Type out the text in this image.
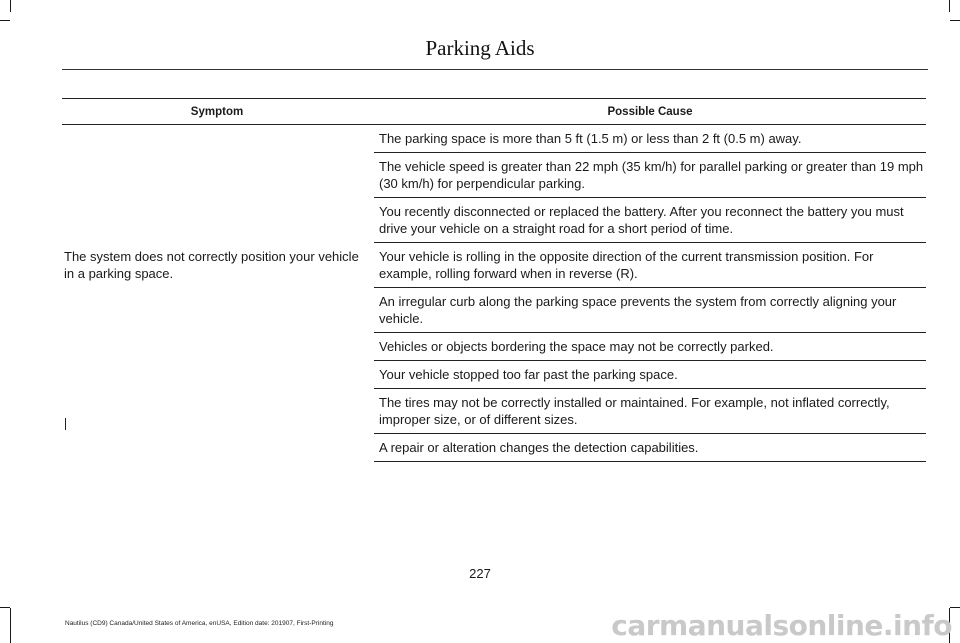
Parking Aids
Symptom	Possible Cause
The parking space is more than 5 ft (1.5 m) or less than 2 ft (0.5 m) away.
The vehicle speed is greater than 22 mph (35 km/h) for parallel parking or greater than 19 mph (30 km/h) for perpendicular parking.
You recently disconnected or replaced the battery. After you reconnect the battery you must drive your vehicle on a straight road for a short period of time.
The system does not correctly position your vehicle in a parking space.
Your vehicle is rolling in the opposite direction of the current transmission position. For example, rolling forward when in reverse (R).
An irregular curb along the parking space prevents the system from correctly aligning your vehicle.
Vehicles or objects bordering the space may not be correctly parked.
Your vehicle stopped too far past the parking space.
The tires may not be correctly installed or maintained. For example, not inflated correctly, improper size, or of different sizes.
A repair or alteration changes the detection capabilities.
227
Nautilus (CD9) Canada/United States of America, enUSA, Edition date: 201907, First-Printing	carmanualsonline.info
